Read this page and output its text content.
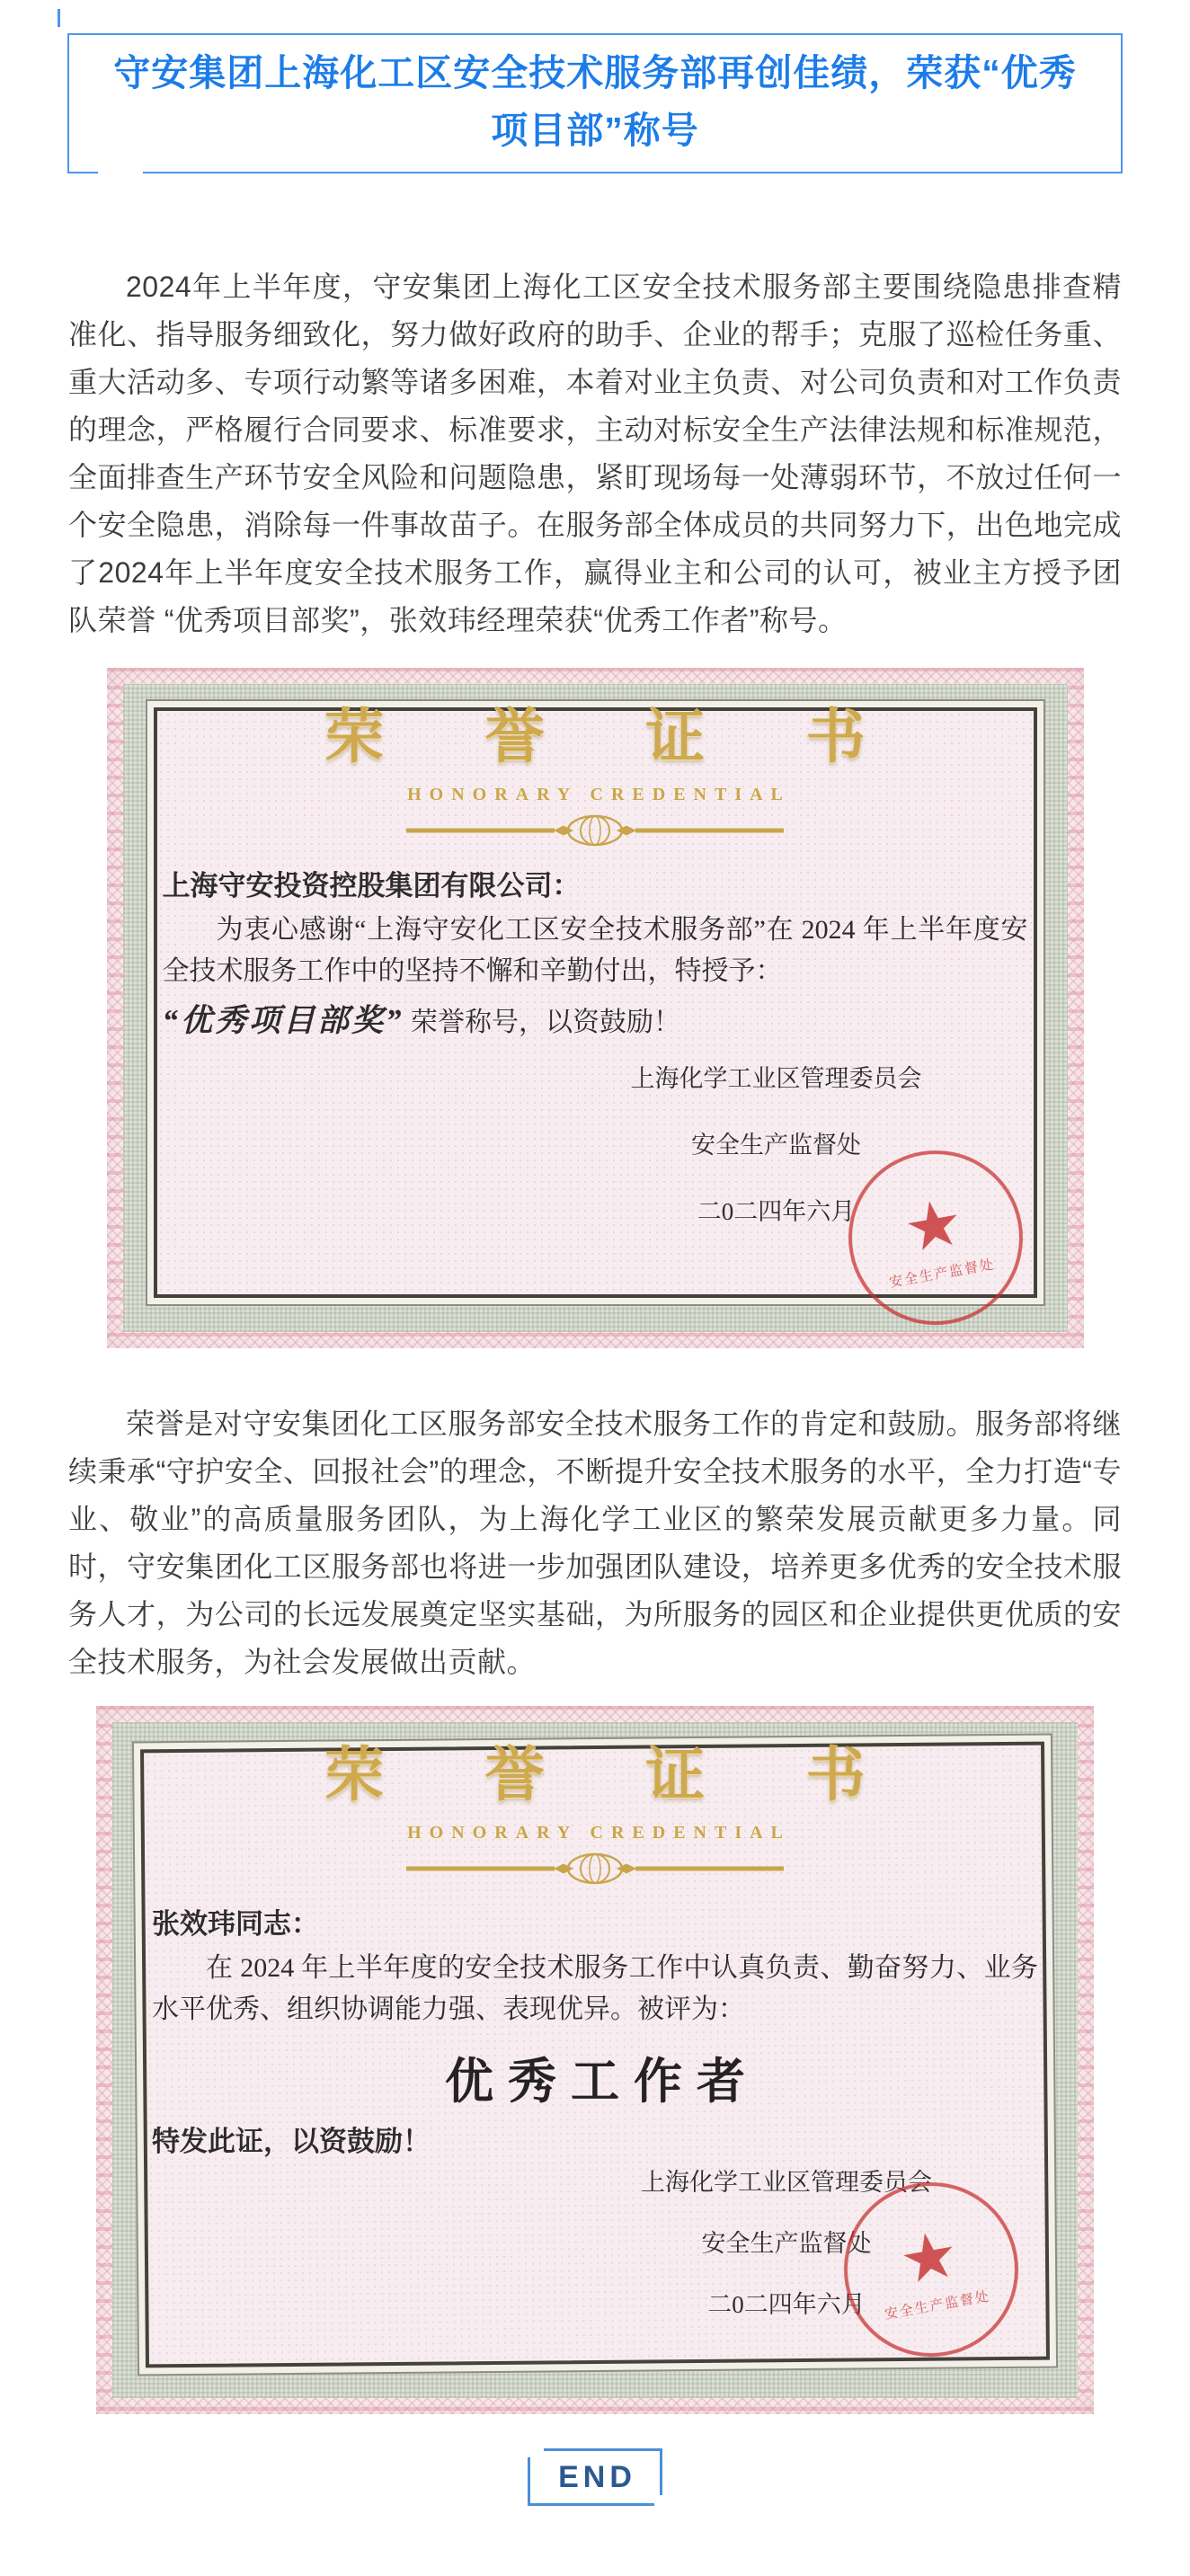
守安集团上海化工区安全技术服务部再创佳绩，荣获“优秀项目部”称号

2024年上半年度，守安集团上海化工区安全技术服务部主要围绕隐患排查精准化、指导服务细致化，努力做好政府的助手、企业的帮手；克服了巡检任务重、重大活动多、专项行动繁等诸多困难，本着对业主负责、对公司负责和对工作负责的理念，严格履行合同要求、标准要求，主动对标安全生产法律法规和标准规范，全面排查生产环节安全风险和问题隐患，紧盯现场每一处薄弱环节，不放过任何一个安全隐患，消除每一件事故苗子。在服务部全体成员的共同努力下，出色地完成了2024年上半年度安全技术服务工作，赢得业主和公司的认可，被业主方授予团队荣誉 “优秀项目部奖”，张效玮经理荣获“优秀工作者”称号。

荣 誉 证 书
HONORARY CREDENTIAL
上海守安投资控股集团有限公司：
为衷心感谢“上海守安化工区安全技术服务部”在 2024 年上半年度安全技术服务工作中的坚持不懈和辛勤付出，特授予：
“优秀项目部奖” 荣誉称号，以资鼓励！
上海化学工业区管理委员会
安全生产监督处
二0二四年六月 ★
安全生产监督处

荣誉是对守安集团化工区服务部安全技术服务工作的肯定和鼓励。服务部将继续秉承“守护安全、回报社会”的理念，不断提升安全技术服务的水平，全力打造“专业、敬业”的高质量服务团队，为上海化学工业区的繁荣发展贡献更多力量。同时，守安集团化工区服务部也将进一步加强团队建设，培养更多优秀的安全技术服务人才，为公司的长远发展奠定坚实基础，为所服务的园区和企业提供更优质的安全技术服务，为社会发展做出贡献。

荣 誉 证 书
HONORARY CREDENTIAL
张效玮同志：
在 2024 年上半年度的安全技术服务工作中认真负责、勤奋努力、业务水平优秀、组织协调能力强、表现优异。被评为：
优秀工作者
特发此证，以资鼓励！
上海化学工业区管理委员会
安全生产监督处
二0二四年六月
★
安全生产监督处
END
